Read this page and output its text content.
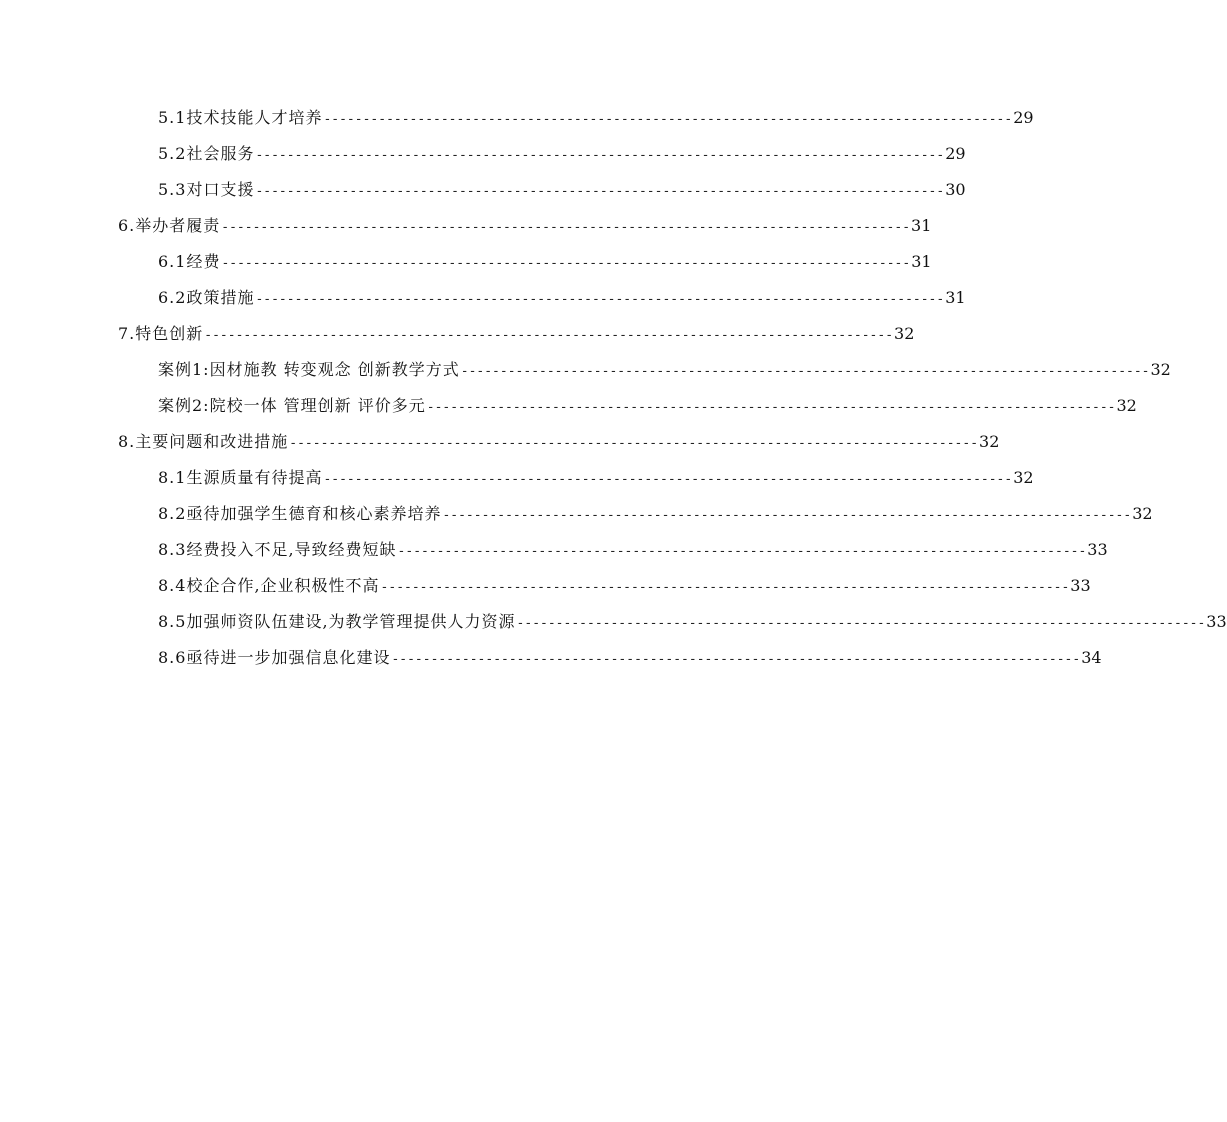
5.1技术技能人才培养 ---------------------------------------------------------------------------------------- 29
5.2社会服务 ---------------------------------------------------------------------------------------- 29
5.3对口支援 ---------------------------------------------------------------------------------------- 30
6.举办者履责 ---------------------------------------------------------------------------------------- 31
6.1经费 ---------------------------------------------------------------------------------------- 31
6.2政策措施 ---------------------------------------------------------------------------------------- 31
7.特色创新 ---------------------------------------------------------------------------------------- 32
案例1:因材施教 转变观念 创新教学方式 ---------------------------------------------------------------------------------------- 32
案例2:院校一体 管理创新 评价多元 ---------------------------------------------------------------------------------------- 32
8.主要问题和改进措施 ---------------------------------------------------------------------------------------- 32
8.1生源质量有待提高 ---------------------------------------------------------------------------------------- 32
8.2亟待加强学生德育和核心素养培养 ---------------------------------------------------------------------------------------- 32
8.3经费投入不足,导致经费短缺 ---------------------------------------------------------------------------------------- 33
8.4校企合作,企业积极性不高 ---------------------------------------------------------------------------------------- 33
8.5加强师资队伍建设,为教学管理提供人力资源 ---------------------------------------------------------------------------------------- 33
8.6亟待进一步加强信息化建设 ---------------------------------------------------------------------------------------- 34
